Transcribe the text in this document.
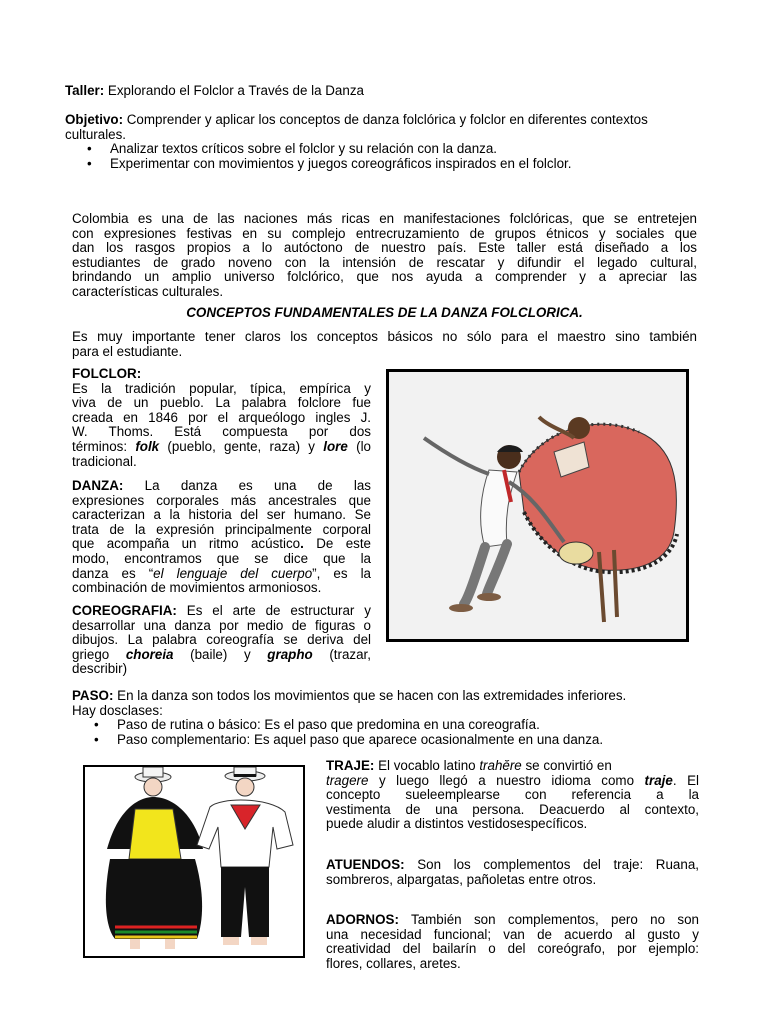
Taller: Explorando el Folclor a Través de la Danza

Objetivo: Comprender y aplicar los conceptos de danza folclórica y folclor en diferentes contextos culturales.

• Analizar textos críticos sobre el folclor y su relación con la danza.
• Experimentar con movimientos y juegos coreográficos inspirados en el folclor.

Colombia es una de las naciones más ricas en manifestaciones folclóricas, que se entretejen

con expresiones festivas en su complejo entrecruzamiento de grupos étnicos y sociales que

dan los rasgos propios a lo autóctono de nuestro país. Este taller está diseñado a los

estudiantes de grado noveno con la intensión de rescatar y difundir el legado cultural,

brindando un amplio universo folclórico, que nos ayuda a comprender y a apreciar las

características culturales.

CONCEPTOS FUNDAMENTALES DE LA DANZA FOLCLORICA.

Es muy importante tener claros los conceptos básicos no sólo para el maestro sino también

para el estudiante.

FOLCLOR:

Es la tradición popular, típica, empírica y

viva de un pueblo. La palabra folclore fue

creada en 1846 por el arqueólogo ingles J.

W. Thoms. Está compuesta por dos

términos: folk (pueblo, gente, raza) y lore (lo

tradicional.

DANZA: La danza es una de las

expresiones corporales más ancestrales que

caracterizan a la historia del ser humano. Se

trata de la expresión principalmente corporal

que acompaña un ritmo acústico. De este

modo, encontramos que se dice que la

danza es “el lenguaje del cuerpo”, es la

combinación de movimientos armoniosos.

COREOGRAFIA: Es el arte de estructurar y

desarrollar una danza por medio de figuras o

dibujos. La palabra coreografía se deriva del

griego choreia (baile) y grapho (trazar,

describir)

PASO: En la danza son todos los movimientos que se hacen con las extremidades inferiores.

Hay dosclases:

• Paso de rutina o básico: Es el paso que predomina en una coreografía.
• Paso complementario: Es aquel paso que aparece ocasionalmente en una danza.

TRAJE: El vocablo latino trahĕre se convirtió en

tragere y luego llegó a nuestro idioma como traje. El

concepto sueleemplearse con referencia a la

vestimenta de una persona. Deacuerdo al contexto,

puede aludir a distintos vestidosespecíficos.

ATUENDOS: Son los complementos del traje: Ruana,

sombreros, alpargatas, pañoletas entre otros.

ADORNOS: También son complementos, pero no son

una necesidad funcional; van de acuerdo al gusto y

creatividad del bailarín o del coreógrafo, por ejemplo:

flores, collares, aretes.
